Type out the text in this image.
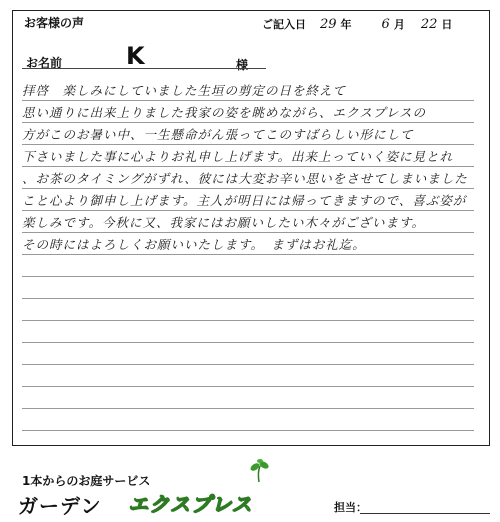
お客様の声	ご記入日 29 年 6 月 22 日
お名前	K	様
拝啓　楽しみにしていました生垣の剪定の日を終えて
思い通りに出来上りました我家の姿を眺めながら、エクスプレスの
方がこのお暑い中、一生懸命がん張ってこのすばらしい形にして
下さいました事に心よりお礼申し上げます。出来上っていく姿に見とれ
、お茶のタイミングがずれ、彼には大変お辛い思いをさせてしまいました
こと心より御申し上げます。主人が明日には帰ってきますので、喜ぶ姿が
楽しみです。今秋に又、我家にはお願いしたい木々がございます。
その時にはよろしくお願いいたします。　まずはお礼迄。
1本からのお庭サービス
ガーデン エクスプレス	担当：
